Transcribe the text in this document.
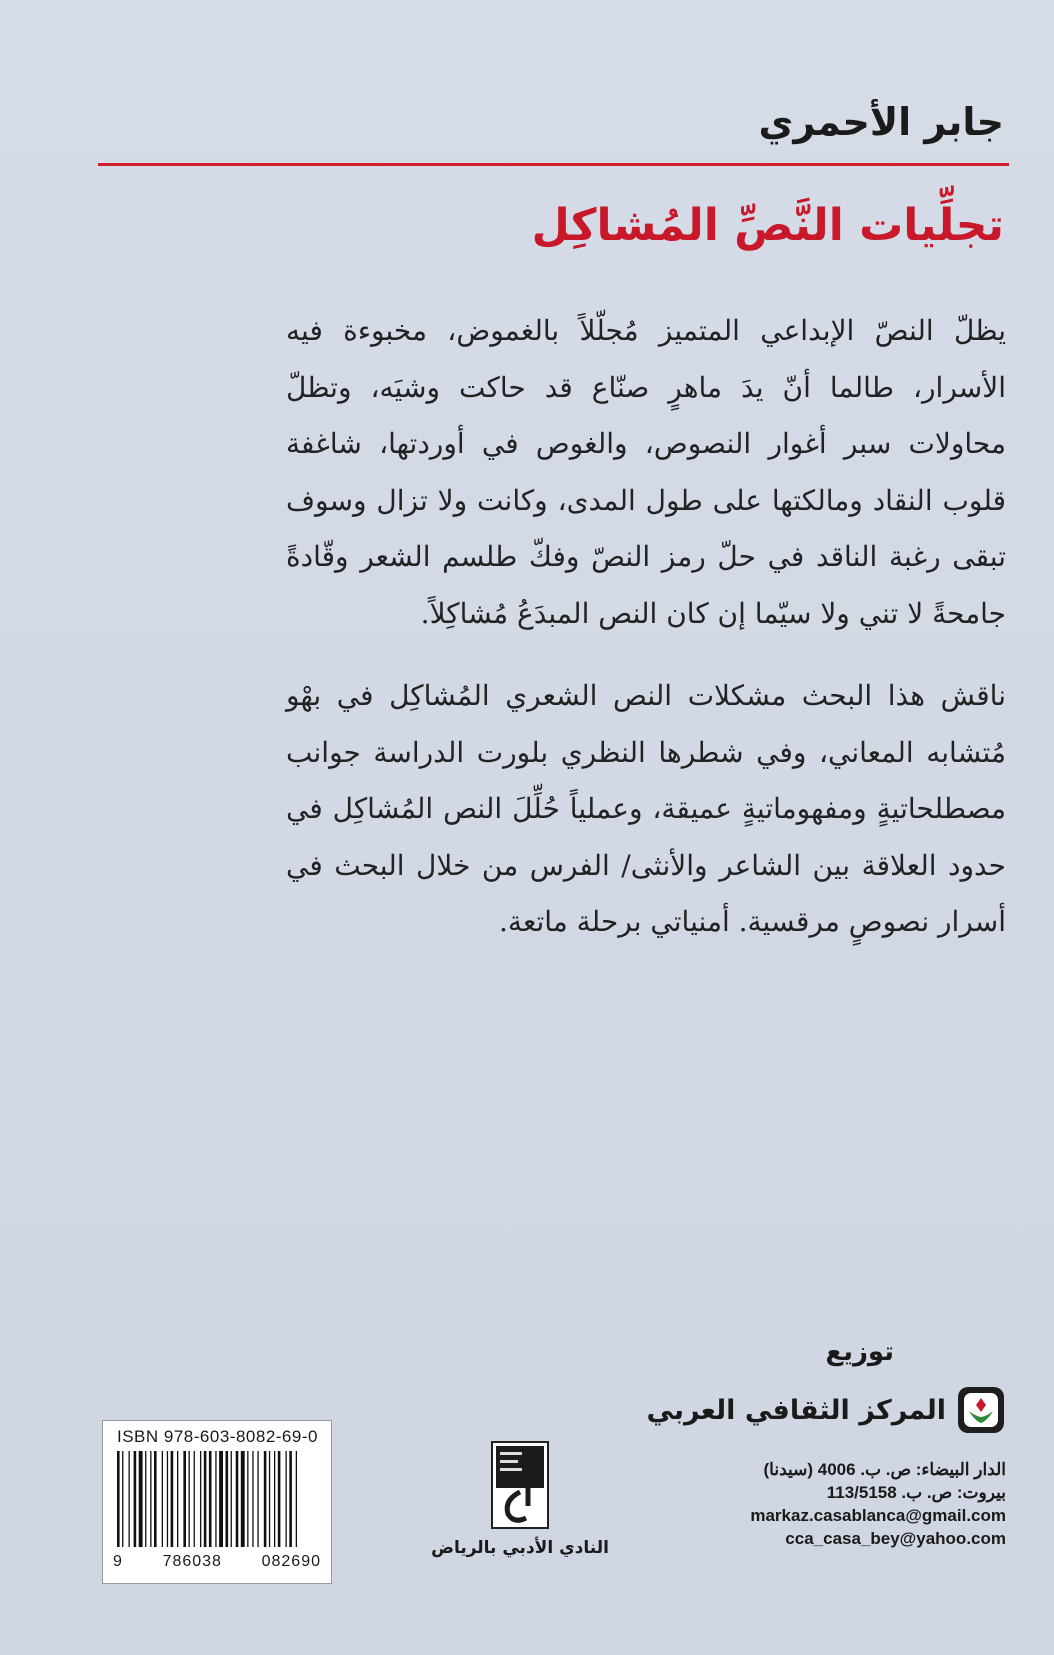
جابر الأحمري
تجلِّيات النَّصِّ المُشاكِل

يظلّ النصّ الإبداعي المتميز مُجلّلاً بالغموض، مخبوءة فيه الأسرار، طالما أنّ يدَ ماهرٍ صنّاع قد حاكت وشيَه، وتظلّ محاولات سبر أغوار النصوص، والغوص في أوردتها، شاغفة قلوب النقاد ومالكتها على طول المدى، وكانت ولا تزال وسوف تبقى رغبة الناقد في حلّ رمز النصّ وفكّ طلسم الشعر وقّادةً جامحةً لا تني ولا سيّما إن كان النص المبدَعُ مُشاكِلاً.

ناقش هذا البحث مشكلات النص الشعري المُشاكِل في بهْو مُتشابه المعاني، وفي شطرها النظري بلورت الدراسة جوانب مصطلحاتيةٍ ومفهوماتيةٍ عميقة، وعملياً حُلِّلَ النص المُشاكِل في حدود العلاقة بين الشاعر والأنثى/ الفرس من خلال البحث في أسرار نصوصٍ مرقسية. أمنياتي برحلة ماتعة.

توزيع
المركز الثقافي العربي
الدار البيضاء: ص. ب. 4006 (سيدنا)
بيروت: ص. ب. 113/5158
markaz.casablanca@gmail.com
cca_casa_bey@yahoo.com
النادي الأدبي بالرياض
ISBN 978-603-8082-69-0
9 786038 082690
